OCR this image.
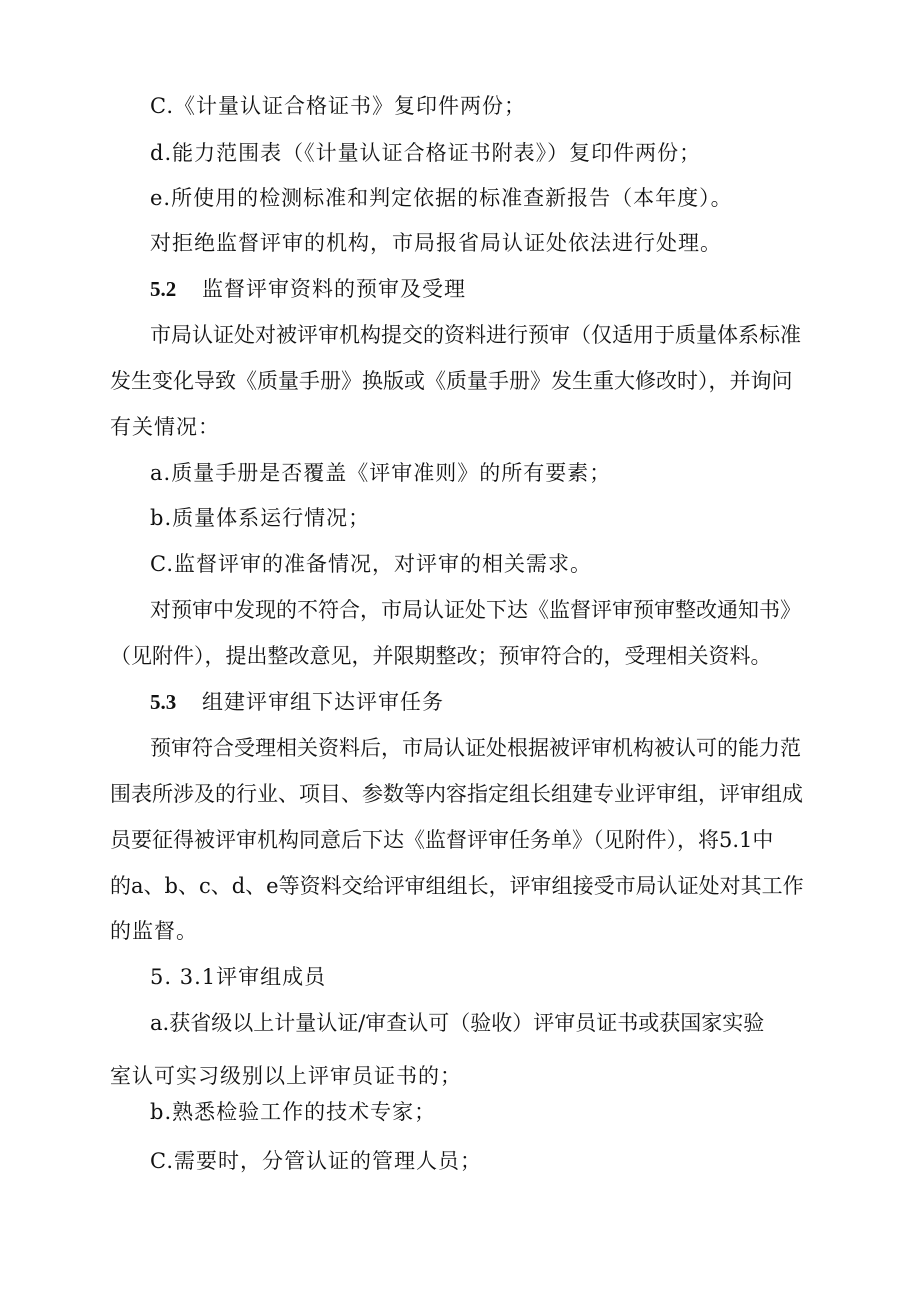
C.《计量认证合格证书》复印件两份；
d.能力范围表（《计量认证合格证书附表》）复印件两份；
e.所使用的检测标准和判定依据的标准查新报告（本年度）。
对拒绝监督评审的机构，市局报省局认证处依法进行处理。
5.2 监督评审资料的预审及受理
市局认证处对被评审机构提交的资料进行预审（仅适用于质量体系标准
发生变化导致《质量手册》换版或《质量手册》发生重大修改时），并询问
有关情况：
a.质量手册是否覆盖《评审准则》的所有要素；
b.质量体系运行情况；
C.监督评审的准备情况，对评审的相关需求。
对预审中发现的不符合，市局认证处下达《监督评审预审整改通知书》
（见附件），提出整改意见，并限期整改；预审符合的，受理相关资料。
5.3 组建评审组下达评审任务
预审符合受理相关资料后，市局认证处根据被评审机构被认可的能力范
围表所涉及的行业、项目、参数等内容指定组长组建专业评审组，评审组成
员要征得被评审机构同意后下达《监督评审任务单》（见附件），将5.1中
的a、b、c、d、e等资料交给评审组组长，评审组接受市局认证处对其工作
的监督。
5. 3.1评审组成员
a.获省级以上计量认证/审查认可（验收）评审员证书或获国家实验
室认可实习级别以上评审员证书的；
b.熟悉检验工作的技术专家；
C.需要时，分管认证的管理人员；
